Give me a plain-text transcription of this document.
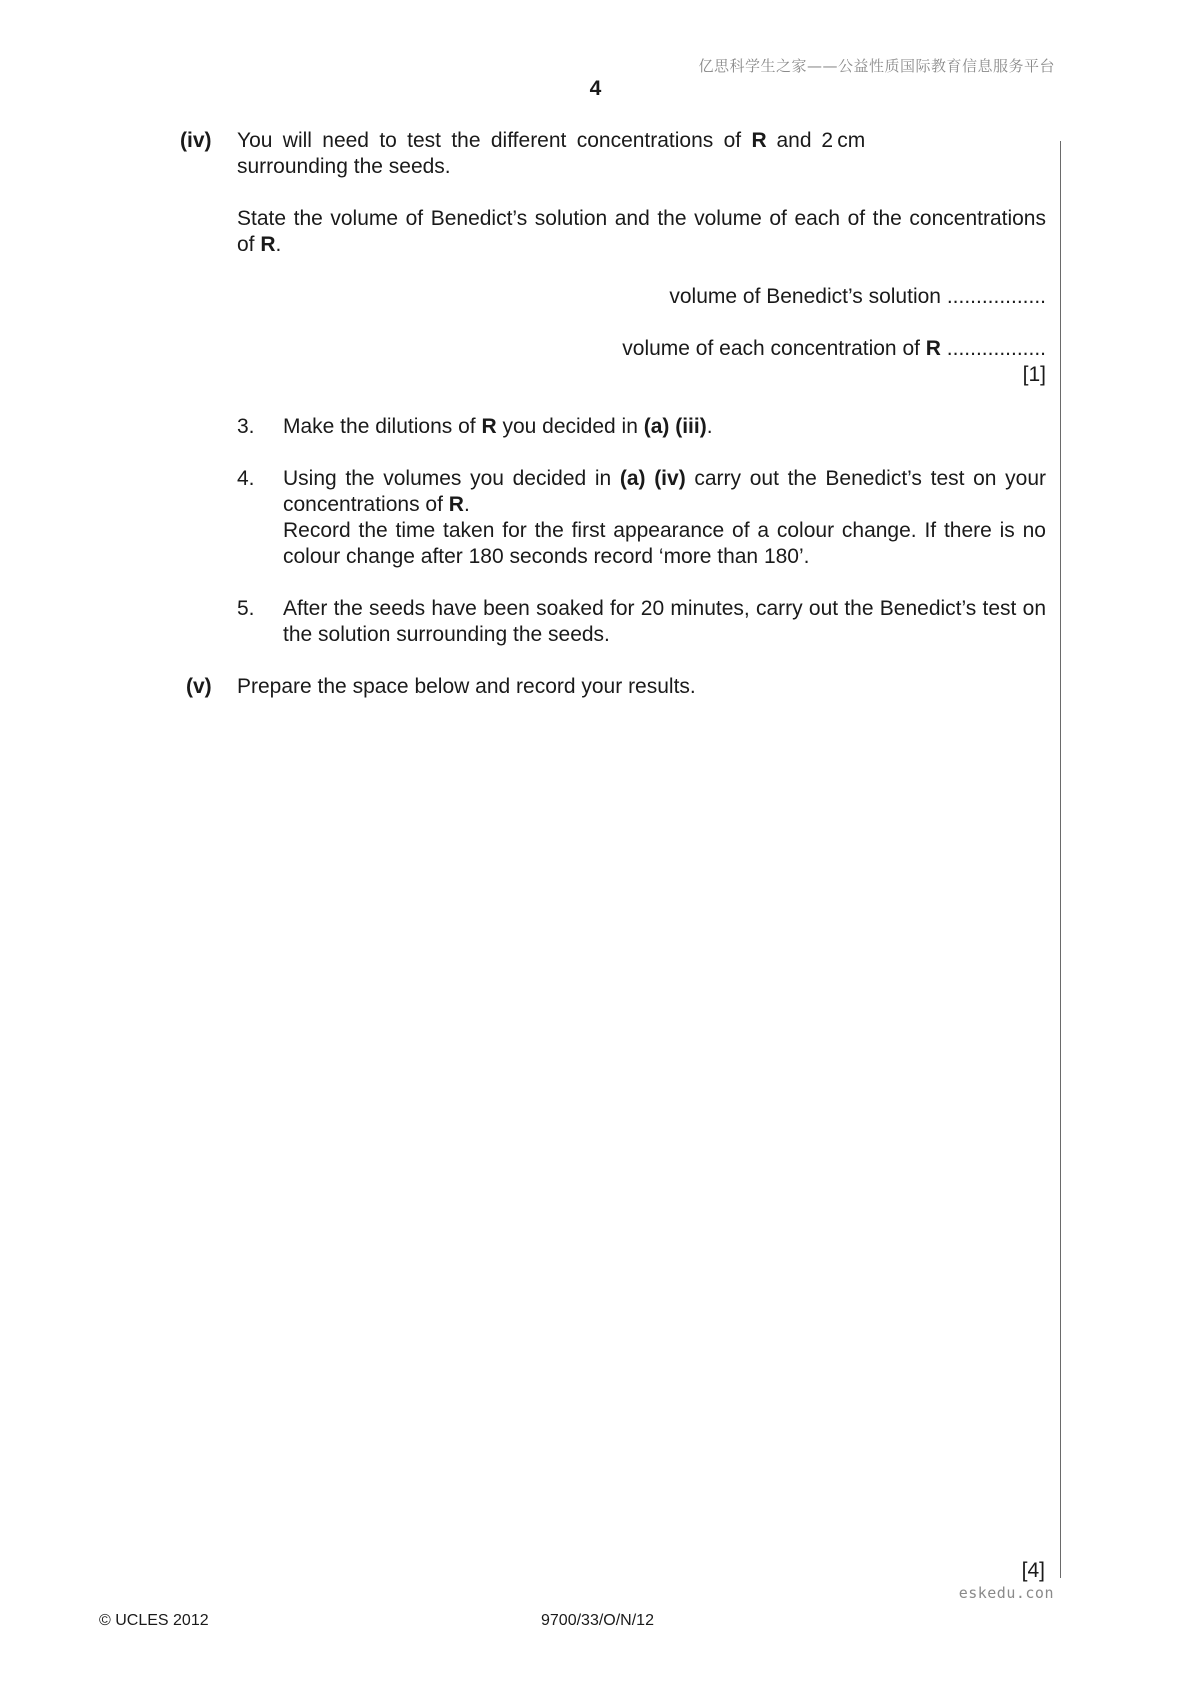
亿思科学生之家——公益性质国际教育信息服务平台
4
(iv) You will need to test the different concentrations of R and 2 cm
surrounding the seeds.
State the volume of Benedict’s solution and the volume of each of the concentrations of R.
volume of Benedict’s solution .................
volume of each concentration of R .................
[1]
3. Make the dilutions of R you decided in (a) (iii).
4. Using the volumes you decided in (a) (iv) carry out the Benedict’s test on your concentrations of R.
Record the time taken for the first appearance of a colour change. If there is no colour change after 180 seconds record ‘more than 180’.
5. After the seeds have been soaked for 20 minutes, carry out the Benedict’s test on the solution surrounding the seeds.
(v) Prepare the space below and record your results.
[4]
eskedu.con
© UCLES 2012	9700/33/O/N/12
